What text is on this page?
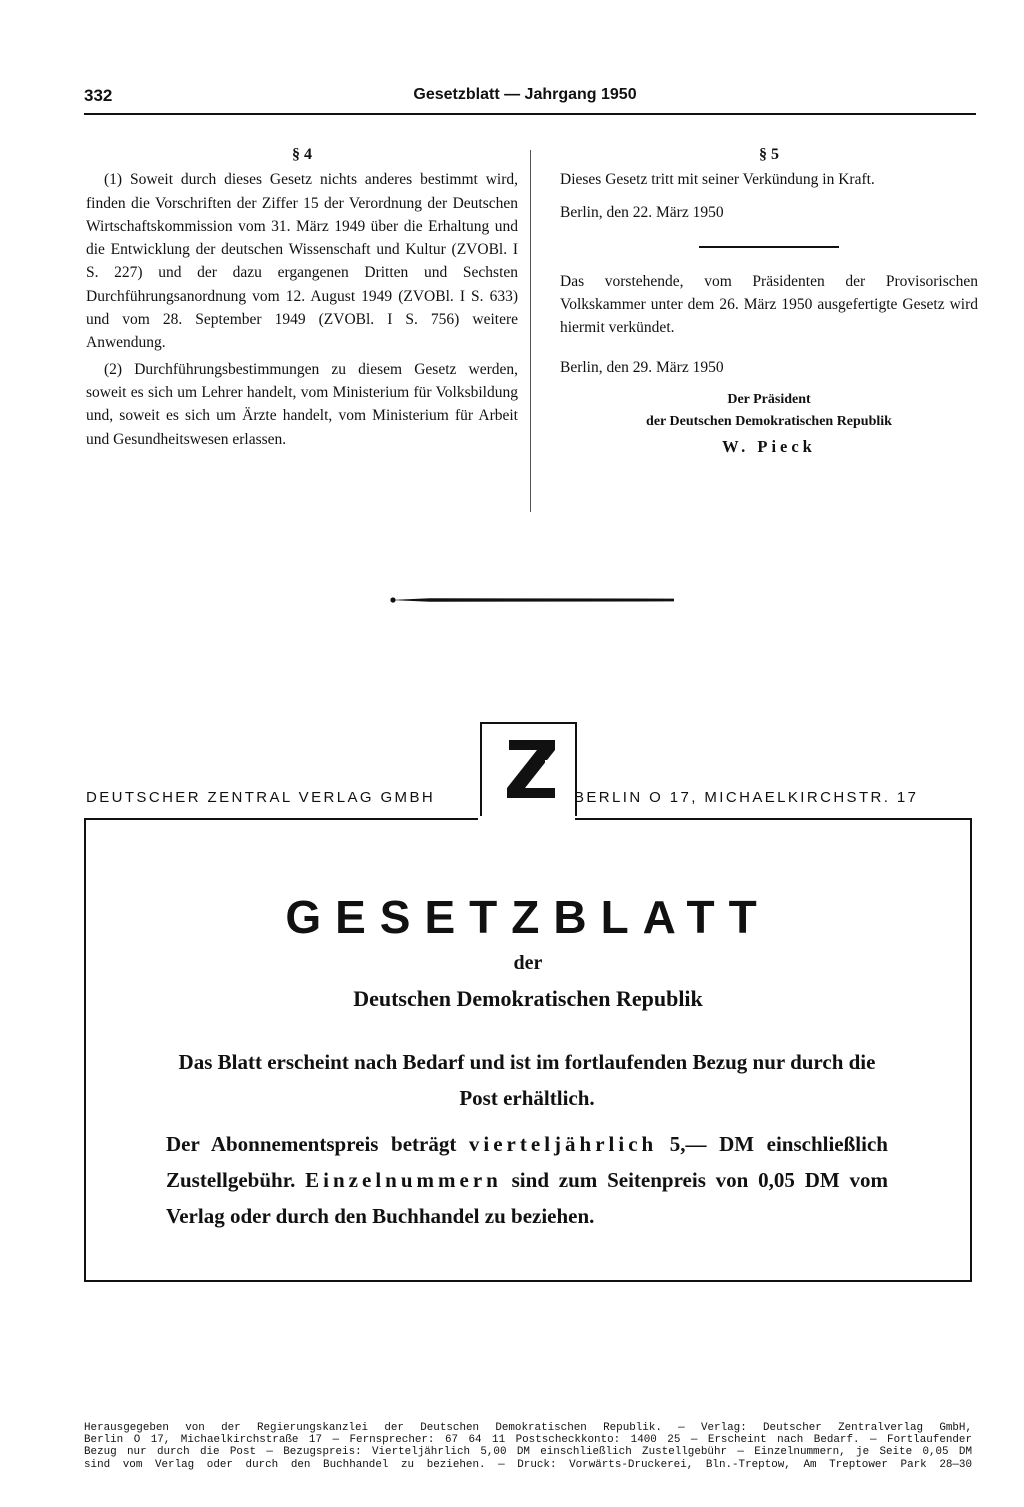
332	Gesetzblatt — Jahrgang 1950
§ 4

(1) Soweit durch dieses Gesetz nichts anderes bestimmt wird, finden die Vorschriften der Ziffer 15 der Verordnung der Deutschen Wirtschaftskommission vom 31. März 1949 über die Erhaltung und die Entwicklung der deutschen Wissenschaft und Kultur (ZVOBl. I S. 227) und der dazu ergangenen Dritten und Sechsten Durchführungsanordnung vom 12. August 1949 (ZVOBl. I S. 633) und vom 28. September 1949 (ZVOBl. I S. 756) weitere Anwendung.

(2) Durchführungsbestimmungen zu diesem Gesetz werden, soweit es sich um Lehrer handelt, vom Ministerium für Volksbildung und, soweit es sich um Ärzte handelt, vom Ministerium für Arbeit und Gesundheitswesen erlassen.

§ 5

Dieses Gesetz tritt mit seiner Verkündung in Kraft.

Berlin, den 22. März 1950

Das vorstehende, vom Präsidenten der Provisorischen Volkskammer unter dem 26. März 1950 ausgefertigte Gesetz wird hiermit verkündet.

Berlin, den 29. März 1950

Der Präsident
der Deutschen Demokratischen Republik
W. Pieck
DEUTSCHER ZENTRAL VERLAG GMBH	BERLIN O 17, MICHAELKIRCHSTR. 17
GESETZBLATT
der
Deutschen Demokratischen Republik
Das Blatt erscheint nach Bedarf und ist im fortlaufenden Bezug nur durch die Post erhältlich.
Der Abonnementspreis beträgt vierteljährlich 5,— DM einschließlich Zustellgebühr. Einzelnummern sind zum Seitenpreis von 0,05 DM vom Verlag oder durch den Buchhandel zu beziehen.
Herausgegeben von der Regierungskanzlei der Deutschen Demokratischen Republik. — Verlag: Deutscher Zentralverlag GmbH,
Berlin O 17, Michaelkirchstraße 17 — Fernsprecher: 67 64 11 Postscheckkonto: 1400 25 — Erscheint nach Bedarf. — Fortlaufender
Bezug nur durch die Post — Bezugspreis: Vierteljährlich 5,00 DM einschließlich Zustellgebühr — Einzelnummern, je Seite 0,05 DM
sind vom Verlag oder durch den Buchhandel zu beziehen. — Druck: Vorwärts-Druckerei, Bln.-Treptow, Am Treptower Park 28—30
